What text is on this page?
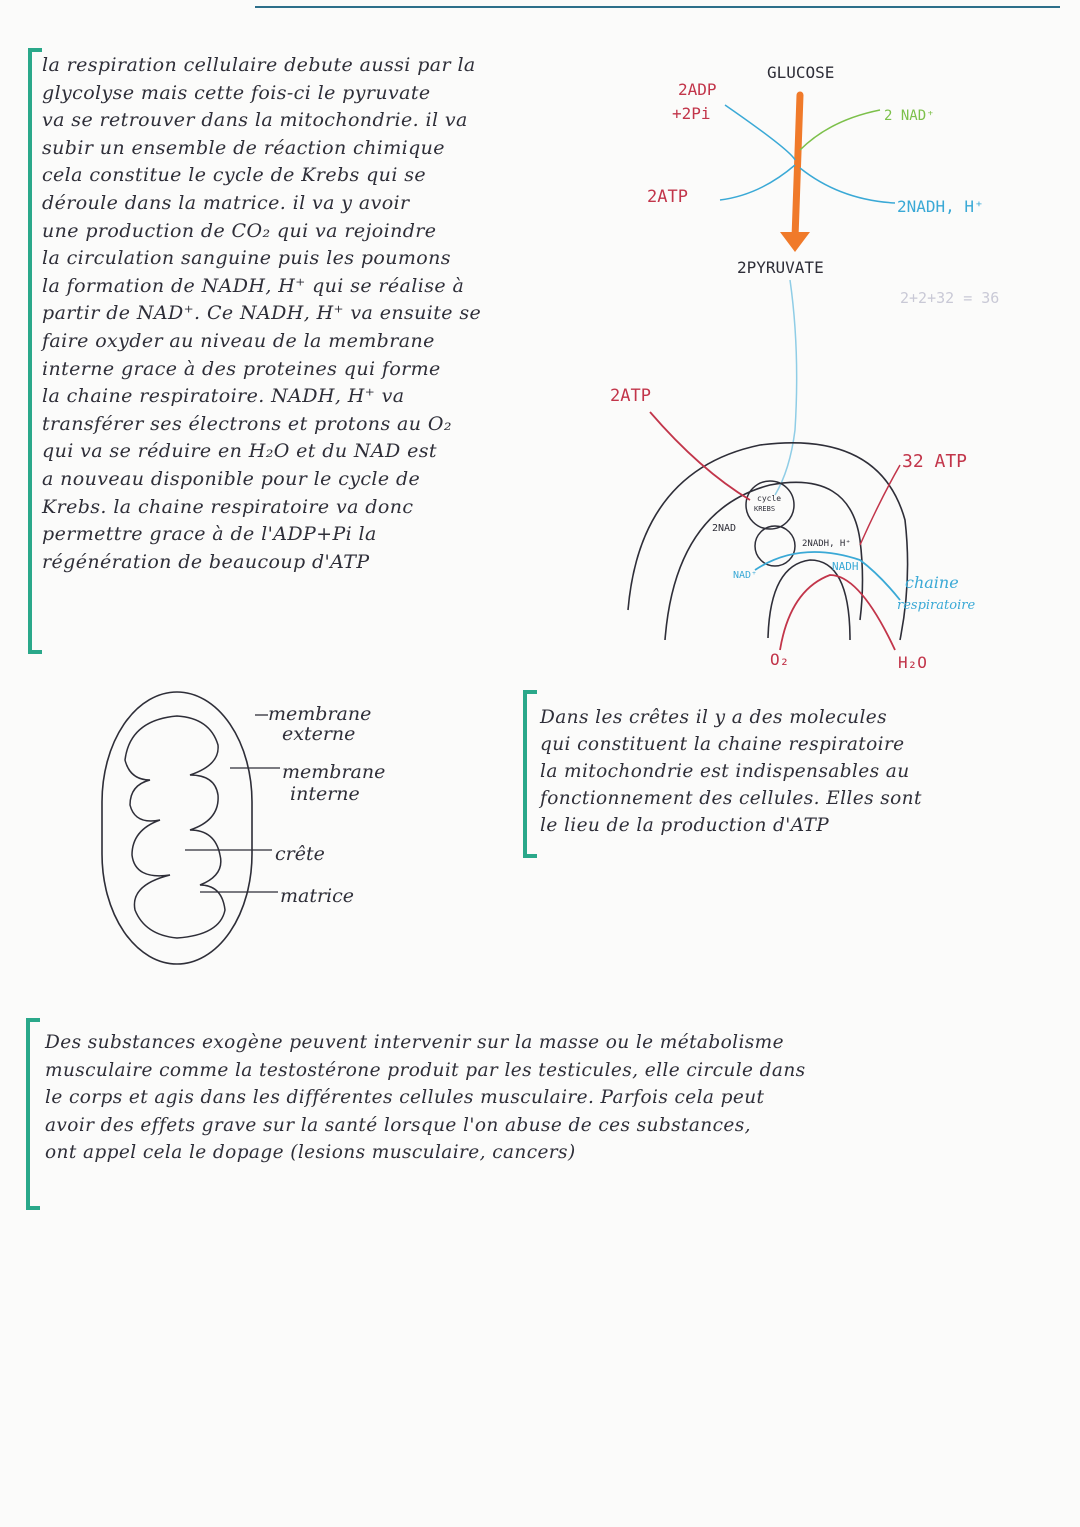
la respiration cellulaire debute aussi par la
glycolyse mais cette fois-ci le pyruvate
va se retrouver dans la mitochondrie. il va
subir un ensemble de réaction chimique
cela constitue le cycle de Krebs qui se
déroule dans la matrice. il va y avoir
une production de CO₂ qui va rejoindre
la circulation sanguine puis les poumons
la formation de NADH, H⁺ qui se réalise à
partir de NAD⁺. Ce NADH, H⁺ va ensuite se
faire oxyder au niveau de la membrane
interne grace à des proteines qui forme
la chaine respiratoire. NADH, H⁺ va
transférer ses électrons et protons au O₂
qui va se réduire en H₂O et du NAD est
a nouveau disponible pour le cycle de
Krebs. la chaine respiratoire va donc
permettre grace à de l'ADP+Pi la
régénération de beaucoup d'ATP
GLUCOSE
2ADP
+2Pi	2 NAD⁺
2ATP	2NADH, H⁺
2PYRUVATE
2+2+32 = 36
2ATP
32 ATP
cycle
KREBS
2NAD
2NADH, H⁺
NADH
NAD⁺	chaine
respiratoire
O₂	H₂O
membrane
externe
membrane
interne
crête
matrice
Dans les crêtes il y a des molecules
qui constituent la chaine respiratoire
la mitochondrie est indispensables au
fonctionnement des cellules. Elles sont
le lieu de la production d'ATP
Des substances exogène peuvent intervenir sur la masse ou le métabolisme
musculaire comme la testostérone produit par les testicules, elle circule dans
le corps et agis dans les différentes cellules musculaire. Parfois cela peut
avoir des effets grave sur la santé lorsque l'on abuse de ces substances,
ont appel cela le dopage (lesions musculaire, cancers)
